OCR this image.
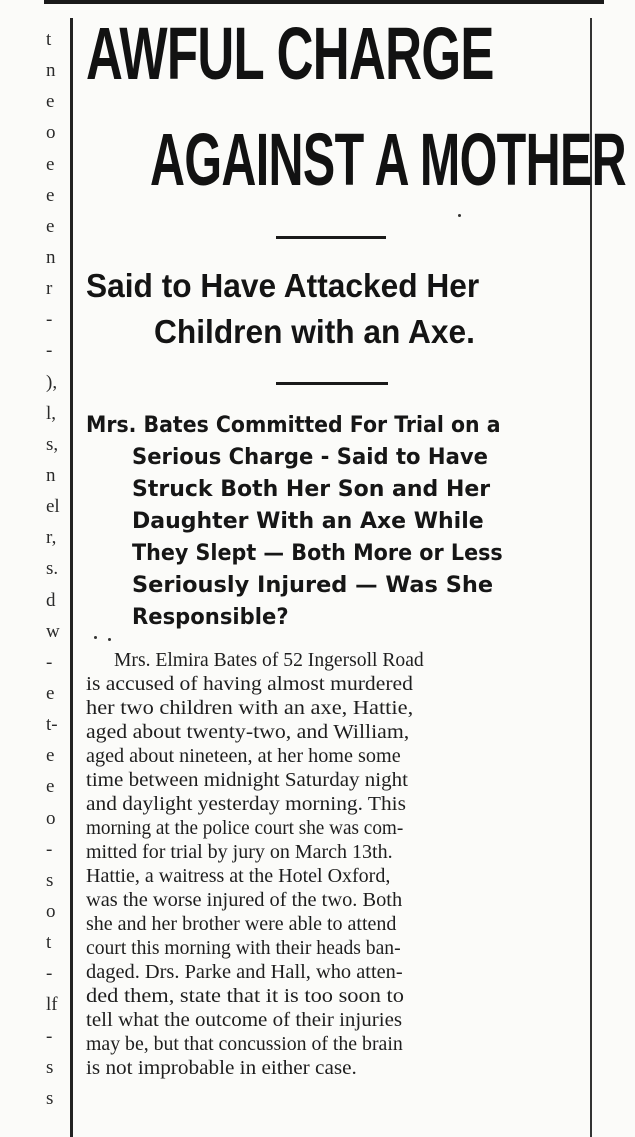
t
n
e
o
e
e
e
n
r
-
-
),
l,
s,
n
el
r,
s.
d
w
-
e
t-
e
e
o
-
s
o
t
-
lf
-
s
s
AWFUL CHARGE
AGAINST A MOTHER
Said to Have Attacked Her
Children with an Axe.
Mrs. Bates Committed For Trial on a
Serious Charge - Said to Have
Struck Both Her Son and Her
Daughter With an Axe While
They Slept — Both More or Less
Seriously Injured — Was She
Responsible?
Mrs. Elmira Bates of 52 Ingersoll Road
is accused of having almost murdered
her two children with an axe, Hattie,
aged about twenty-two, and William,
aged about nineteen, at her home some
time between midnight Saturday night
and daylight yesterday morning. This
morning at the police court she was com-
mitted for trial by jury on March 13th.
Hattie, a waitress at the Hotel Oxford,
was the worse injured of the two. Both
she and her brother were able to attend
court this morning with their heads ban-
daged. Drs. Parke and Hall, who atten-
ded them, state that it is too soon to
tell what the outcome of their injuries
may be, but that concussion of the brain
is not improbable in either case.
